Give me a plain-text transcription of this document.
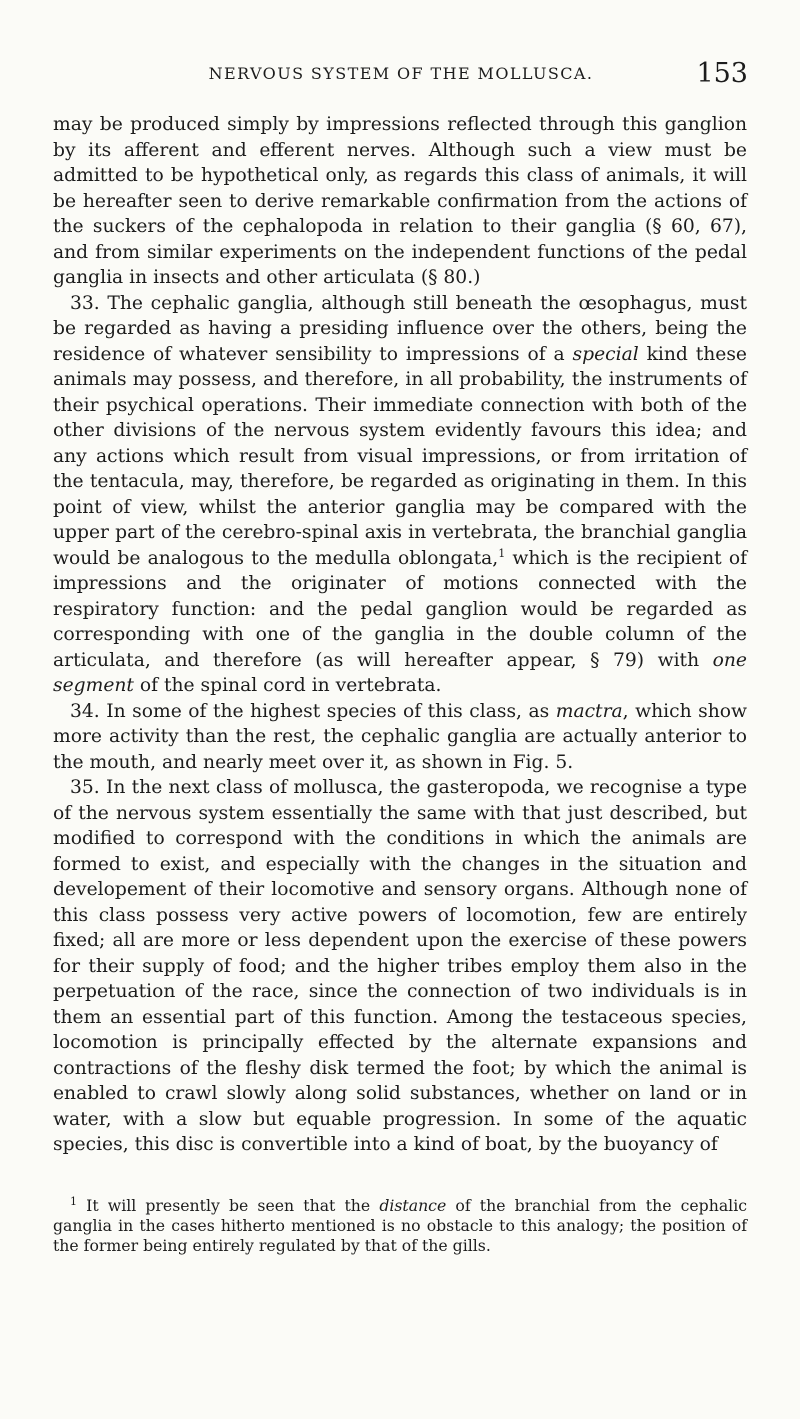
NERVOUS SYSTEM OF THE MOLLUSCA.	153

may be produced simply by impressions reflected through this ganglion by its afferent and efferent nerves. Although such a view must be admitted to be hypothetical only, as regards this class of animals, it will be hereafter seen to derive remarkable confirmation from the actions of the suckers of the cephalopoda in relation to their ganglia (§ 60, 67), and from similar experiments on the independent functions of the pedal ganglia in insects and other articulata (§ 80.)

33. The cephalic ganglia, although still beneath the œsophagus, must be regarded as having a presiding influence over the others, being the residence of whatever sensibility to impressions of a special kind these animals may possess, and therefore, in all probability, the instruments of their psychical operations. Their immediate connection with both of the other divisions of the nervous system evidently favours this idea; and any actions which result from visual impressions, or from irritation of the tentacula, may, therefore, be regarded as originating in them. In this point of view, whilst the anterior ganglia may be compared with the upper part of the cerebro-spinal axis in vertebrata, the branchial ganglia would be analogous to the medulla oblongata,$^1$ which is the recipient of impressions and the originater of motions connected with the respiratory function: and the pedal ganglion would be regarded as corresponding with one of the ganglia in the double column of the articulata, and therefore (as will hereafter appear, § 79) with one segment of the spinal cord in vertebrata.

34. In some of the highest species of this class, as mactra, which show more activity than the rest, the cephalic ganglia are actually anterior to the mouth, and nearly meet over it, as shown in Fig. 5.

35. In the next class of mollusca, the gasteropoda, we recognise a type of the nervous system essentially the same with that just described, but modified to correspond with the conditions in which the animals are formed to exist, and especially with the changes in the situation and developement of their locomotive and sensory organs. Although none of this class possess very active powers of locomotion, few are entirely fixed; all are more or less dependent upon the exercise of these powers for their supply of food; and the higher tribes employ them also in the perpetuation of the race, since the connection of two individuals is in them an essential part of this function. Among the testaceous species, locomotion is principally effected by the alternate expansions and contractions of the fleshy disk termed the foot; by which the animal is enabled to crawl slowly along solid substances, whether on land or in water, with a slow but equable progression. In some of the aquatic species, this disc is convertible into a kind of boat, by the buoyancy of

$^1$ It will presently be seen that the distance of the branchial from the cephalic ganglia in the cases hitherto mentioned is no obstacle to this analogy; the position of the former being entirely regulated by that of the gills.
